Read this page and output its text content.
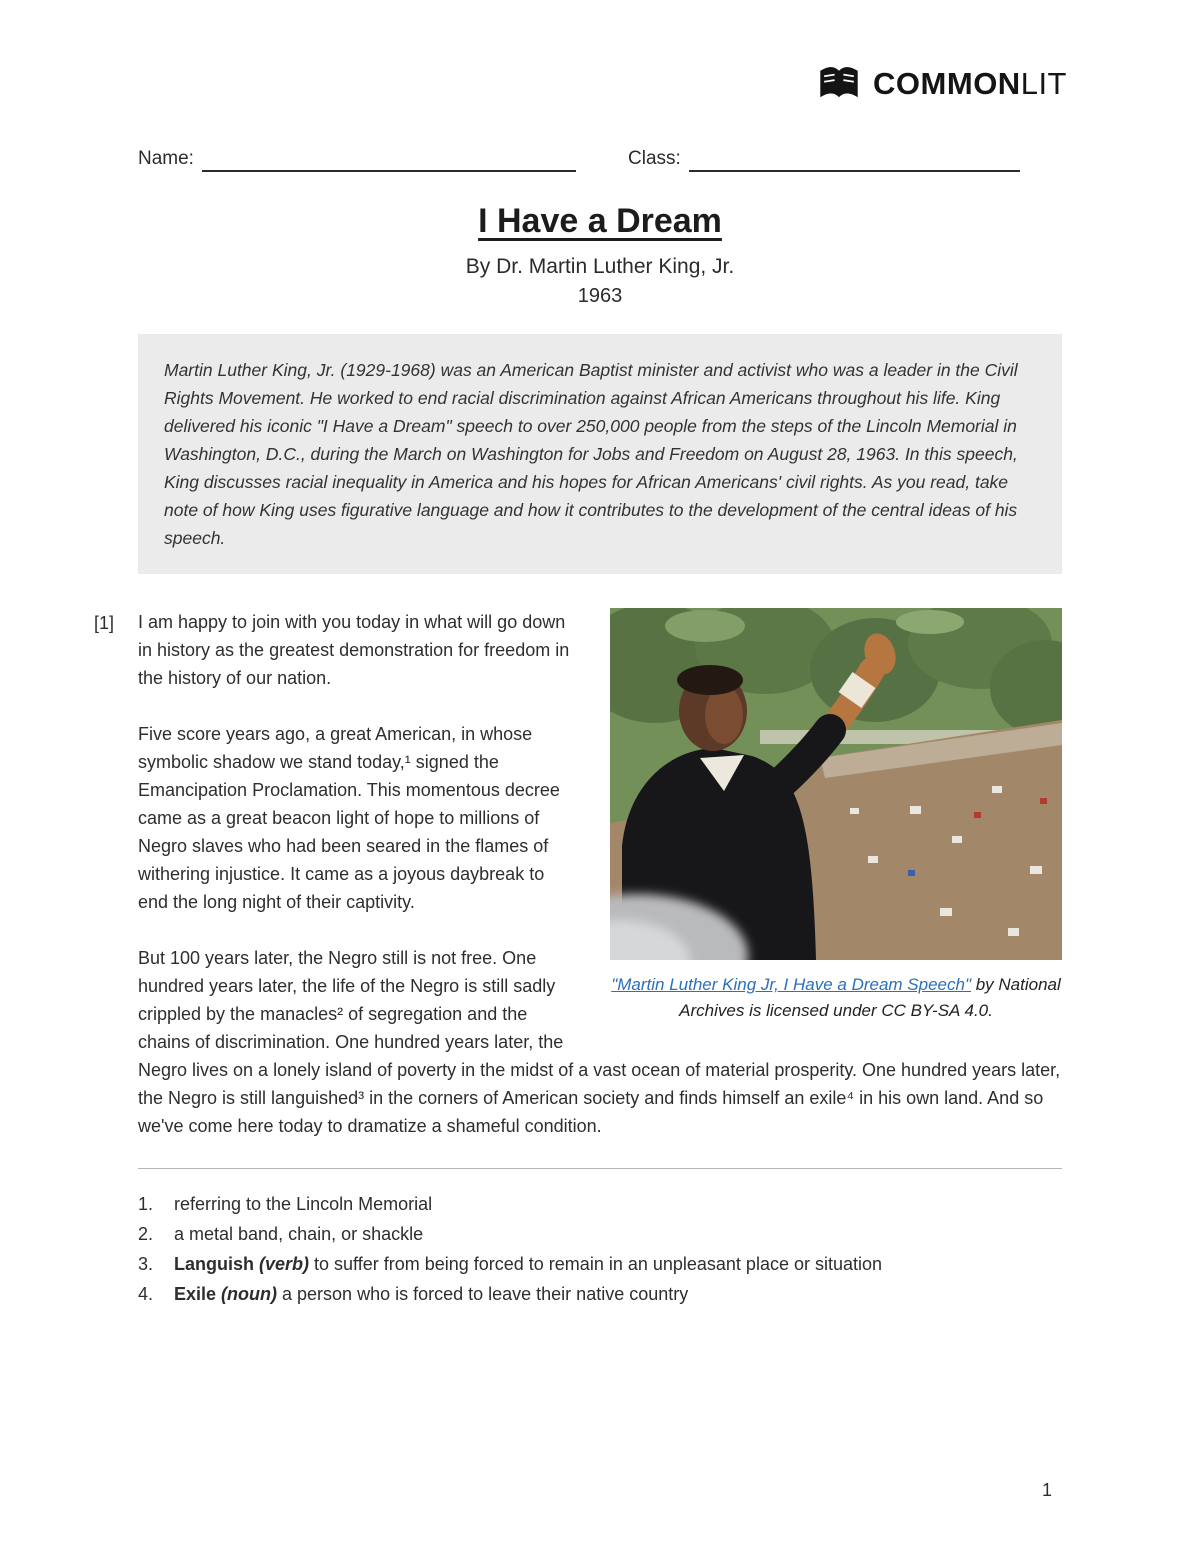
COMMONLIT
Name:	Class:
I Have a Dream
By Dr. Martin Luther King, Jr.
1963
Martin Luther King, Jr. (1929-1968) was an American Baptist minister and activist who was a leader in the Civil Rights Movement. He worked to end racial discrimination against African Americans throughout his life. King delivered his iconic "I Have a Dream" speech to over 250,000 people from the steps of the Lincoln Memorial in Washington, D.C., during the March on Washington for Jobs and Freedom on August 28, 1963. In this speech, King discusses racial inequality in America and his hopes for African Americans' civil rights. As you read, take note of how King uses figurative language and how it contributes to the development of the central ideas of his speech.
[1]
"Martin Luther King Jr, I Have a Dream Speech" by National Archives is licensed under CC BY-SA 4.0.

I am happy to join with you today in what will go down in history as the greatest demonstration for freedom in the history of our nation.

Five score years ago, a great American, in whose symbolic shadow we stand today,¹ signed the Emancipation Proclamation. This momentous decree came as a great beacon light of hope to millions of Negro slaves who had been seared in the flames of withering injustice. It came as a joyous daybreak to end the long night of their captivity.

But 100 years later, the Negro still is not free. One hundred years later, the life of the Negro is still sadly crippled by the manacles² of segregation and the chains of discrimination. One hundred years later, the Negro lives on a lonely island of poverty in the midst of a vast ocean of material prosperity. One hundred years later, the Negro is still languished³ in the corners of American society and finds himself an exile⁴ in his own land. And so we've come here today to dramatize a shameful condition.

1.	referring to the Lincoln Memorial
2.	a metal band, chain, or shackle
3.	Languish (verb) to suffer from being forced to remain in an unpleasant place or situation
4.	Exile (noun) a person who is forced to leave their native country
1
